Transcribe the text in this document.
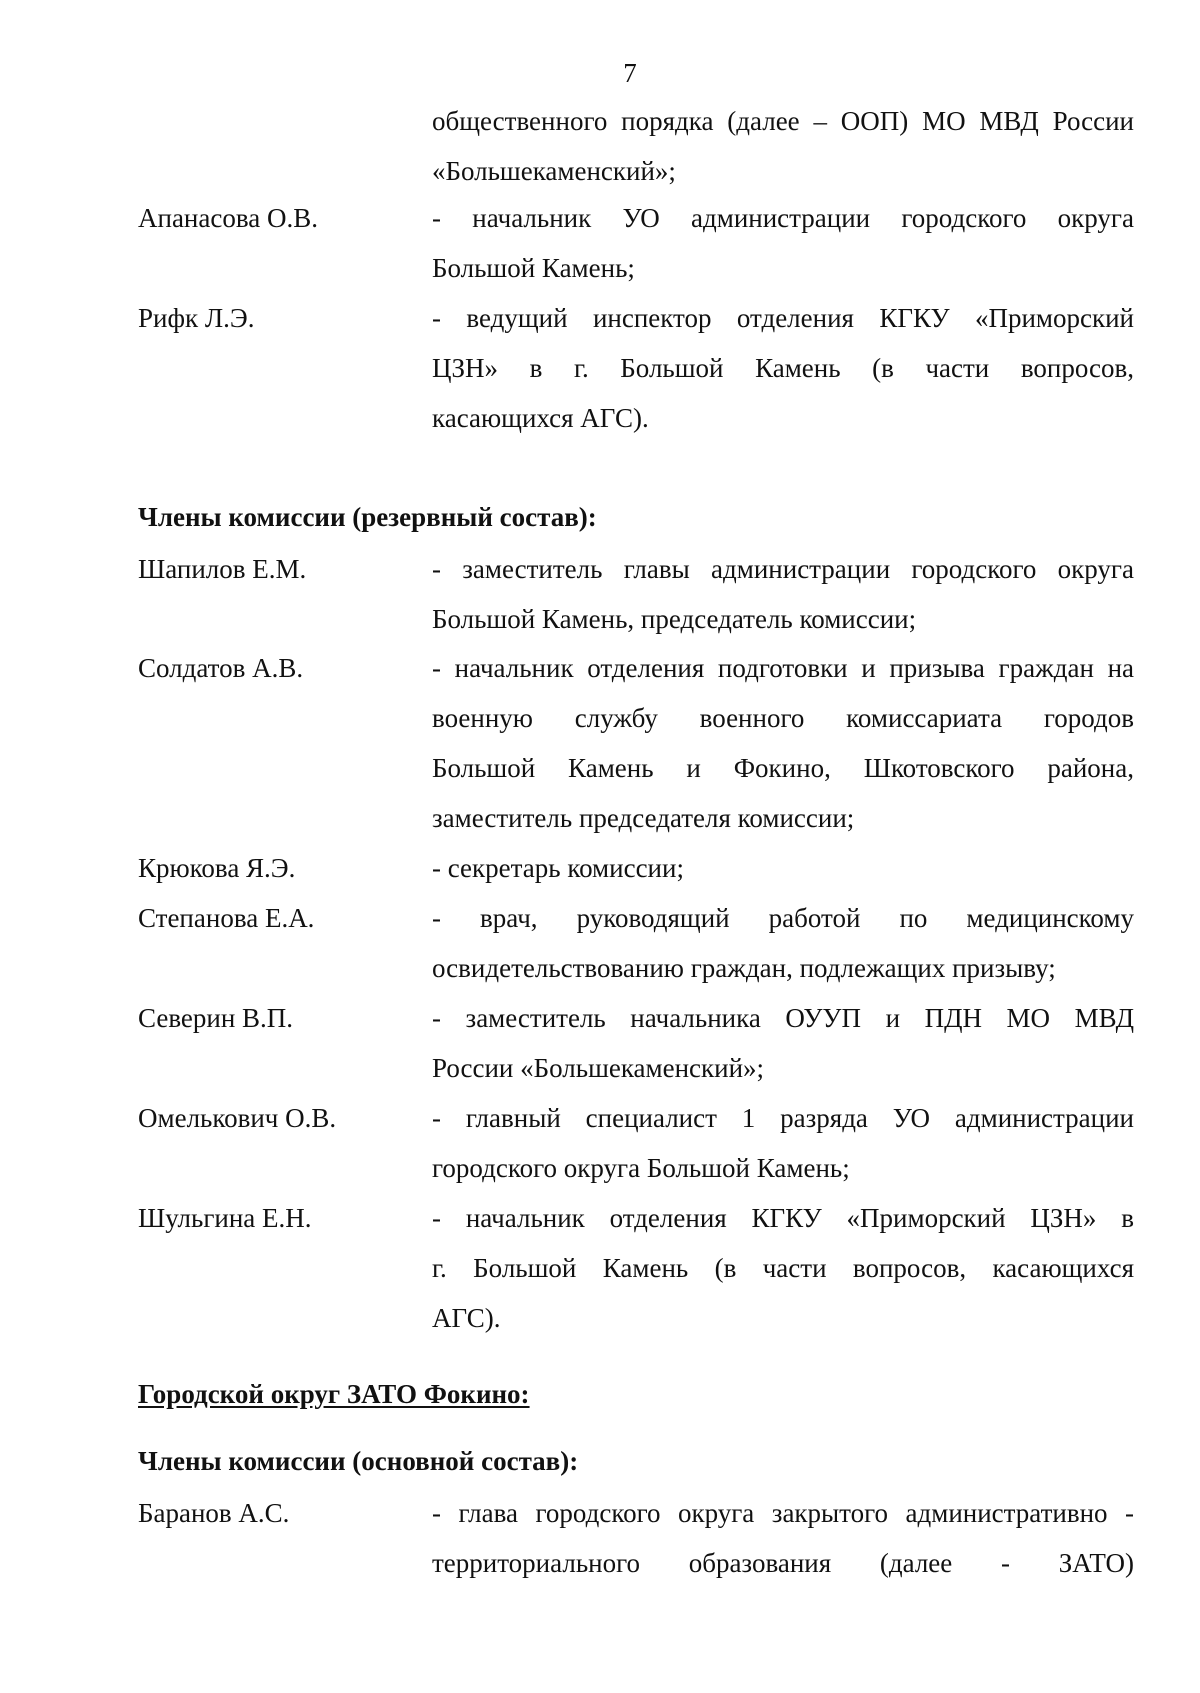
7
общественного порядка (далее – ООП) МО МВД России
«Большекаменский»;
Апанасова О.В.	- начальник УО администрации городского округа
Большой Камень;
Рифк Л.Э.	- ведущий инспектор отделения КГКУ «Приморский
ЦЗН» в г. Большой Камень (в части вопросов,
касающихся АГС).
Члены комиссии (резервный состав):
Шапилов Е.М.	- заместитель главы администрации городского округа
Большой Камень, председатель комиссии;
Солдатов А.В.	- начальник отделения подготовки и призыва граждан на
военную службу военного комиссариата городов
Большой Камень и Фокино, Шкотовского района,
заместитель председателя комиссии;
Крюкова Я.Э.	- секретарь комиссии;
Степанова Е.А.	- врач, руководящий работой по медицинскому
освидетельствованию граждан, подлежащих призыву;
Северин В.П.	- заместитель начальника ОУУП и ПДН МО МВД
России «Большекаменский»;
Омелькович О.В.	- главный специалист 1 разряда УО администрации
городского округа Большой Камень;
Шульгина Е.Н.	- начальник отделения КГКУ «Приморский ЦЗН» в
г. Большой Камень (в части вопросов, касающихся
АГС).
Городской округ ЗАТО Фокино:
Члены комиссии (основной состав):
Баранов А.С.	- глава городского округа закрытого административно -
территориального образования (далее - ЗАТО)
